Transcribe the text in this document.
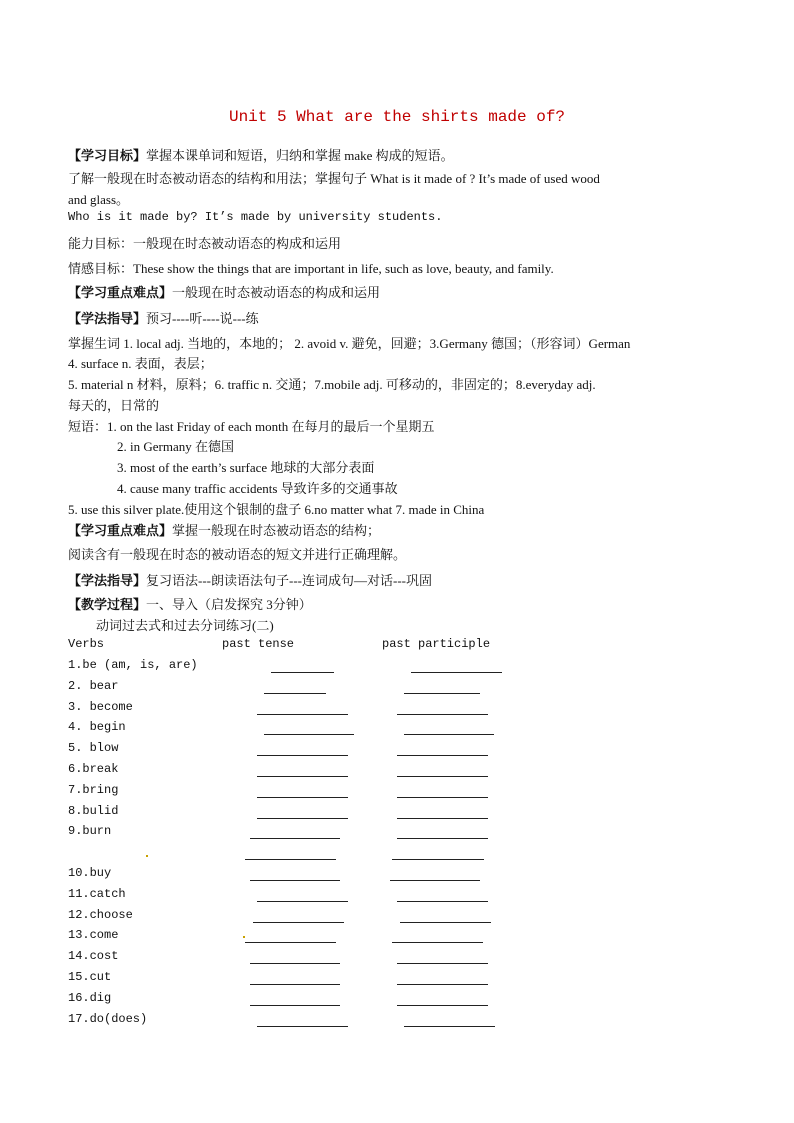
Unit 5 What are the shirts made of?
【学习目标】掌握本课单词和短语，归纳和掌握 make 构成的短语。
了解一般现在时态被动语态的结构和用法；掌握句子 What is it made of ? It’s made of used wood
and glass。
Who is it made by? It’s made by university students.
能力目标：一般现在时态被动语态的构成和运用
情感目标：These show the things that are important in life, such as love, beauty, and family.
【学习重点难点】一般现在时态被动语态的构成和运用
【学法指导】预习----听----说---练
掌握生词 1. local adj. 当地的，本地的； 2. avoid v. 避免，回避；3.Germany 德国；（形容词）German
4. surface n. 表面，表层；
5. material n 材料，原料；6. traffic n. 交通；7.mobile adj. 可移动的，非固定的；8.everyday adj.
每天的，日常的
短语：1. on the last Friday of each month 在每月的最后一个星期五
2. in Germany 在德国
3. most of the earth’s surface 地球的大部分表面
4. cause many traffic accidents 导致许多的交通事故
5. use this silver plate.使用这个银制的盘子 6.no matter what 7. made in China
【学习重点难点】掌握一般现在时态被动语态的结构；
阅读含有一般现在时态的被动语态的短文并进行正确理解。
【学法指导】复习语法---朗读语法句子---连词成句—对话---巩固
【教学过程】一、导入（启发探究 3分钟）
动词过去式和过去分词练习(二)
Verbs	past tense	past participle
1.be (am, is, are)
2. bear
3. become
4. begin
5. blow
6.break
7.bring
8.bulid
9.burn
10.buy
11.catch
12.choose
13.come
14.cost
15.cut
16.dig
17.do(does)
